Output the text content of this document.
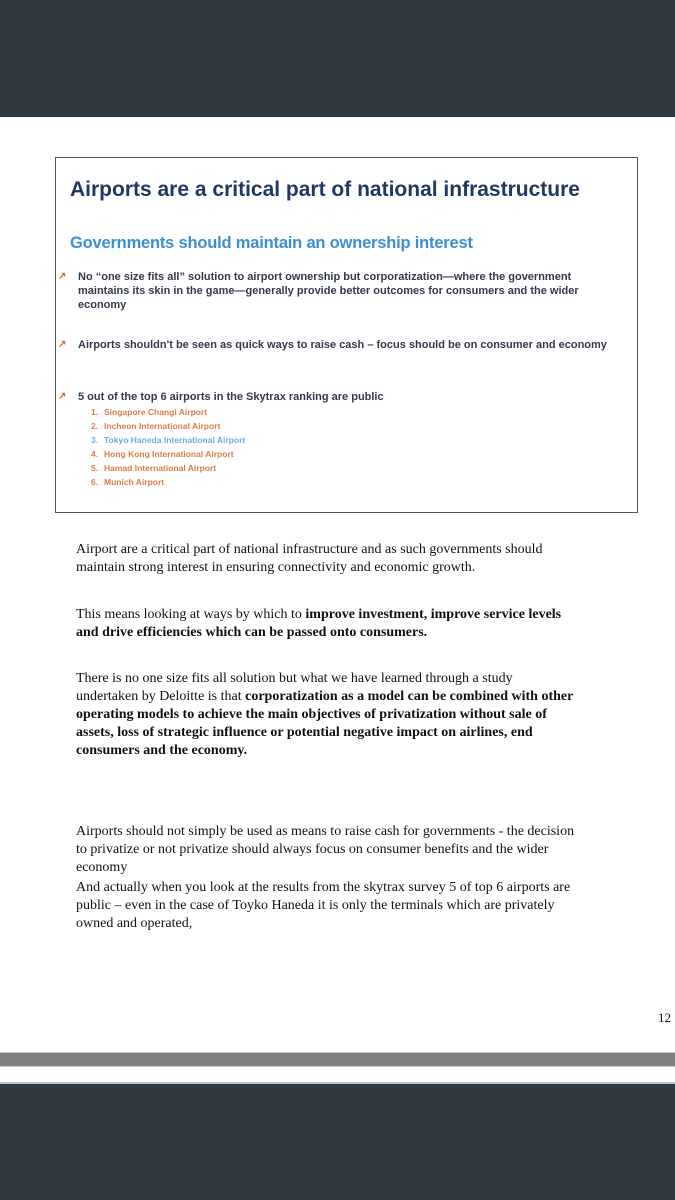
Airports are a critical part of national infrastructure
Governments should maintain an ownership interest
↗ No “one size fits all” solution to airport ownership but corporatization—where the government maintains its skin in the game—generally provide better outcomes for consumers and the wider economy
↗ Airports shouldn't be seen as quick ways to raise cash – focus should be on consumer and economy
↗ 5 out of the top 6 airports in the Skytrax ranking are public
1. Singapore Changi Airport
2. Incheon International Airport
3. Tokyo Haneda International Airport
4. Hong Kong International Airport
5. Hamad International Airport
6. Munich Airport

Airport are a critical part of national infrastructure and as such governments should maintain strong interest in ensuring connectivity and economic growth.

This means looking at ways by which to improve investment, improve service levels and drive efficiencies which can be passed onto consumers.

There is no one size fits all solution but what we have learned through a study undertaken by Deloitte is that corporatization as a model can be combined with other operating models to achieve the main objectives of privatization without sale of assets, loss of strategic influence or potential negative impact on airlines, end consumers and the economy.

Airports should not simply be used as means to raise cash for governments - the decision to privatize or not privatize should always focus on consumer benefits and the wider economy

And actually when you look at the results from the skytrax survey 5 of top 6 airports are public – even in the case of Toyko Haneda it is only the terminals which are privately owned and operated,

12
